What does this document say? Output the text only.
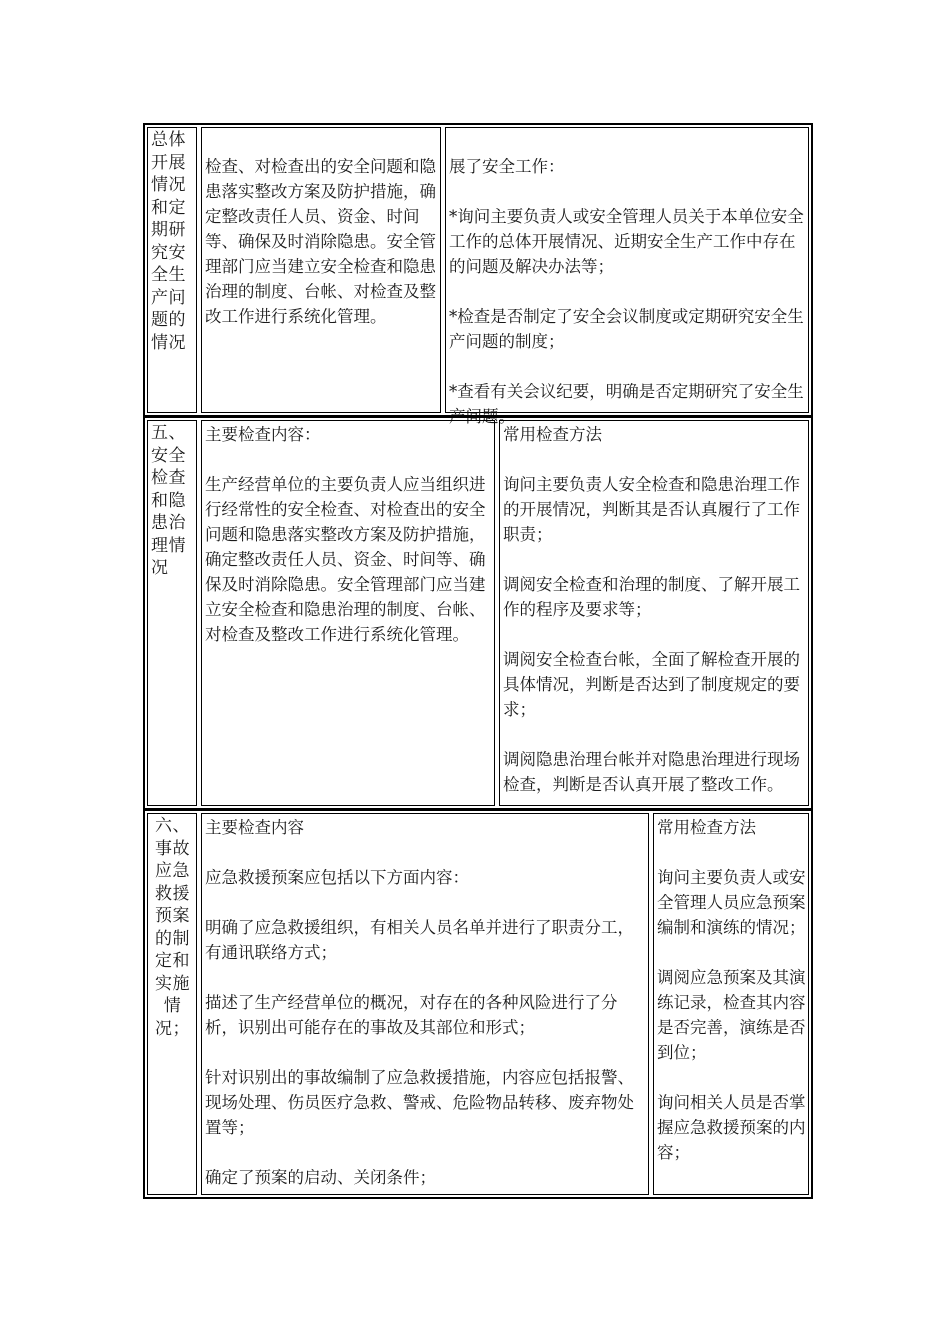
总体开展情况和定期研究安全生产问题的情况

检查、对检查出的安全问题和隐患落实整改方案及防护措施，确定整改责任人员、资金、时间等、确保及时消除隐患。安全管理部门应当建立安全检查和隐患治理的制度、台帐、对检查及整改工作进行系统化管理。

展了安全工作：

*询问主要负责人或安全管理人员关于本单位安全工作的总体开展情况、近期安全生产工作中存在的问题及解决办法等；

*检查是否制定了安全会议制度或定期研究安全生产问题的制度；

*查看有关会议纪要，明确是否定期研究了安全生

五、安全检查和隐患治理情况

主要检查内容：

生产经营单位的主要负责人应当组织进行经常性的安全检查、对检查出的安全问题和隐患落实整改方案及防护措施，确定整改责任人员、资金、时间等、确保及时消除隐患。安全管理部门应当建立安全检查和隐患治理的制度、台帐、对检查及整改工作进行系统化管理。

常用检查方法

询问主要负责人安全检查和隐患治理工作的开展情况，判断其是否认真履行了工作职责；

调阅安全检查和治理的制度、了解开展工作的程序及要求等；

调阅安全检查台帐，全面了解检查开展的具体情况，判断是否达到了制度规定的要求；

调阅隐患治理台帐并对隐患治理进行现场检查，判断是否认真开展了整改工作。

六、事故应急救援预案的制定和实施情况；

主要检查内容

应急救援预案应包括以下方面内容：

明确了应急救援组织，有相关人员名单并进行了职责分工，有通讯联络方式；

描述了生产经营单位的概况，对存在的各种风险进行了分析，识别出可能存在的事故及其部位和形式；

针对识别出的事故编制了应急救援措施，内容应包括报警、现场处理、伤员医疗急救、警戒、危险物品转移、废弃物处置等；

确定了预案的启动、关闭条件；

常用检查方法

询问主要负责人或安全管理人员应急预案编制和演练的情况；

调阅应急预案及其演练记录，检查其内容是否完善，演练是否到位；

询问相关人员是否掌握应急救援预案的内容；
